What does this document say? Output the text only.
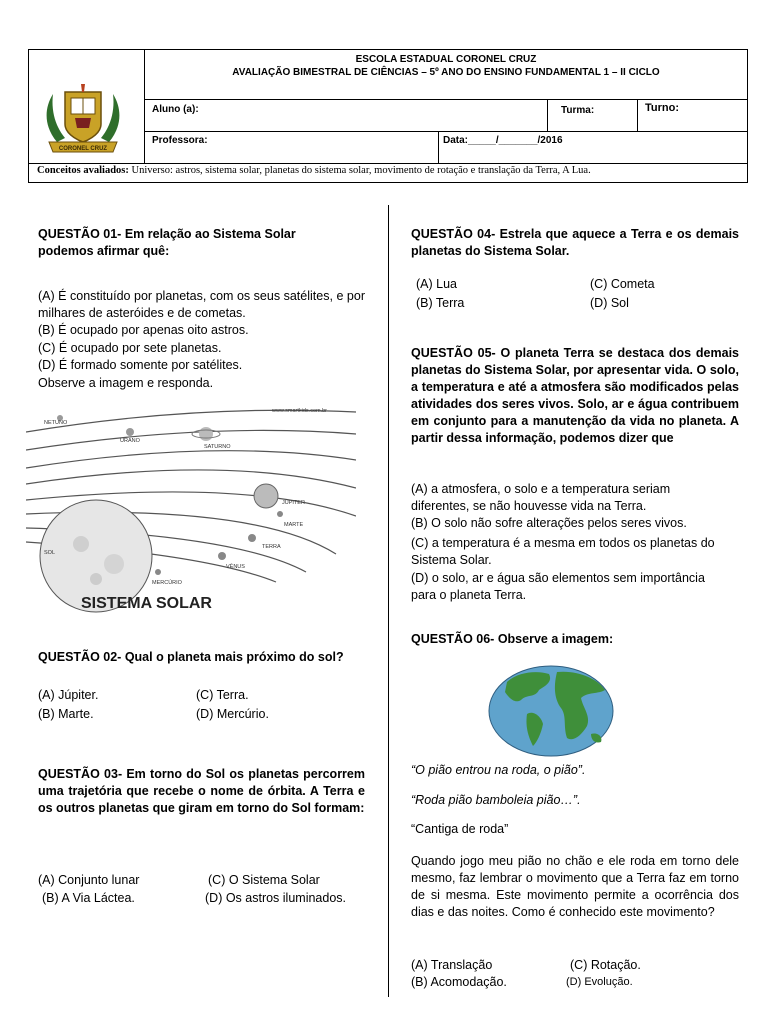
CORONEL CRUZ
ESCOLA ESTADUAL CORONEL CRUZ
AVALIAÇÃO BIMESTRAL DE CIÊNCIAS – 5º ANO DO ENSINO FUNDAMENTAL 1 – II CICLO
Aluno (a):	Turma:	Turno:
Professora:	Data:_____/_______/2016
Conceitos avaliados: Universo: astros, sistema solar, planetas do sistema solar, movimento de rotação e translação da Terra, A Lua.
QUESTÃO 01- Em relação ao Sistema Solar podemos afirmar quê:
(A) É constituído por planetas, com os seus satélites, e por milhares de asteróides e de cometas.
(B) É ocupado por apenas oito astros.
(C) É ocupado por sete planetas.
(D) É formado somente por satélites.
Observe a imagem e responda.
NETUNO
URANO
SATURNO
JÚPITER
MARTE
TERRA
VÊNUS
MERCÚRIO
SOL
www.smartkids.com.br
SISTEMA SOLAR
QUESTÃO 02- Qual o planeta mais próximo do sol?
(A) Júpiter.	(C) Terra.
(B) Marte.	(D) Mercúrio.
QUESTÃO 03- Em torno do Sol os planetas percorrem uma trajetória que recebe o nome de órbita. A Terra e os outros planetas que giram em torno do Sol formam:
(A) Conjunto lunar	(C) O Sistema Solar
(B) A Via Láctea.	(D) Os astros iluminados.
QUESTÃO 04- Estrela que aquece a Terra e os demais planetas do Sistema Solar.
(A) Lua	(C) Cometa
(B) Terra	(D) Sol
QUESTÃO 05- O planeta Terra se destaca dos demais planetas do Sistema Solar, por apresentar vida. O solo, a temperatura e até a atmosfera são modificados pelas atividades dos seres vivos. Solo, ar e água contribuem em conjunto para a manutenção da vida no planeta. A partir dessa informação, podemos dizer que
(A) a atmosfera, o solo e a temperatura seriam diferentes, se não houvesse vida na Terra.
(B) O solo não sofre alterações pelos seres vivos.
(C) a temperatura é a mesma em todos os planetas do Sistema Solar.
(D) o solo, ar e água são elementos sem importância para o planeta Terra.
QUESTÃO 06- Observe a imagem:
“O pião entrou na roda, o pião”.
“Roda pião bamboleia pião…”.
“Cantiga de roda”
Quando jogo meu pião no chão e ele roda em torno dele mesmo, faz lembrar o movimento que a Terra faz em torno de si mesma. Este movimento permite a ocorrência dos dias e das noites. Como é conhecido este movimento?
(A) Translação	(C) Rotação.
(B) Acomodação.	(D) Evolução.
